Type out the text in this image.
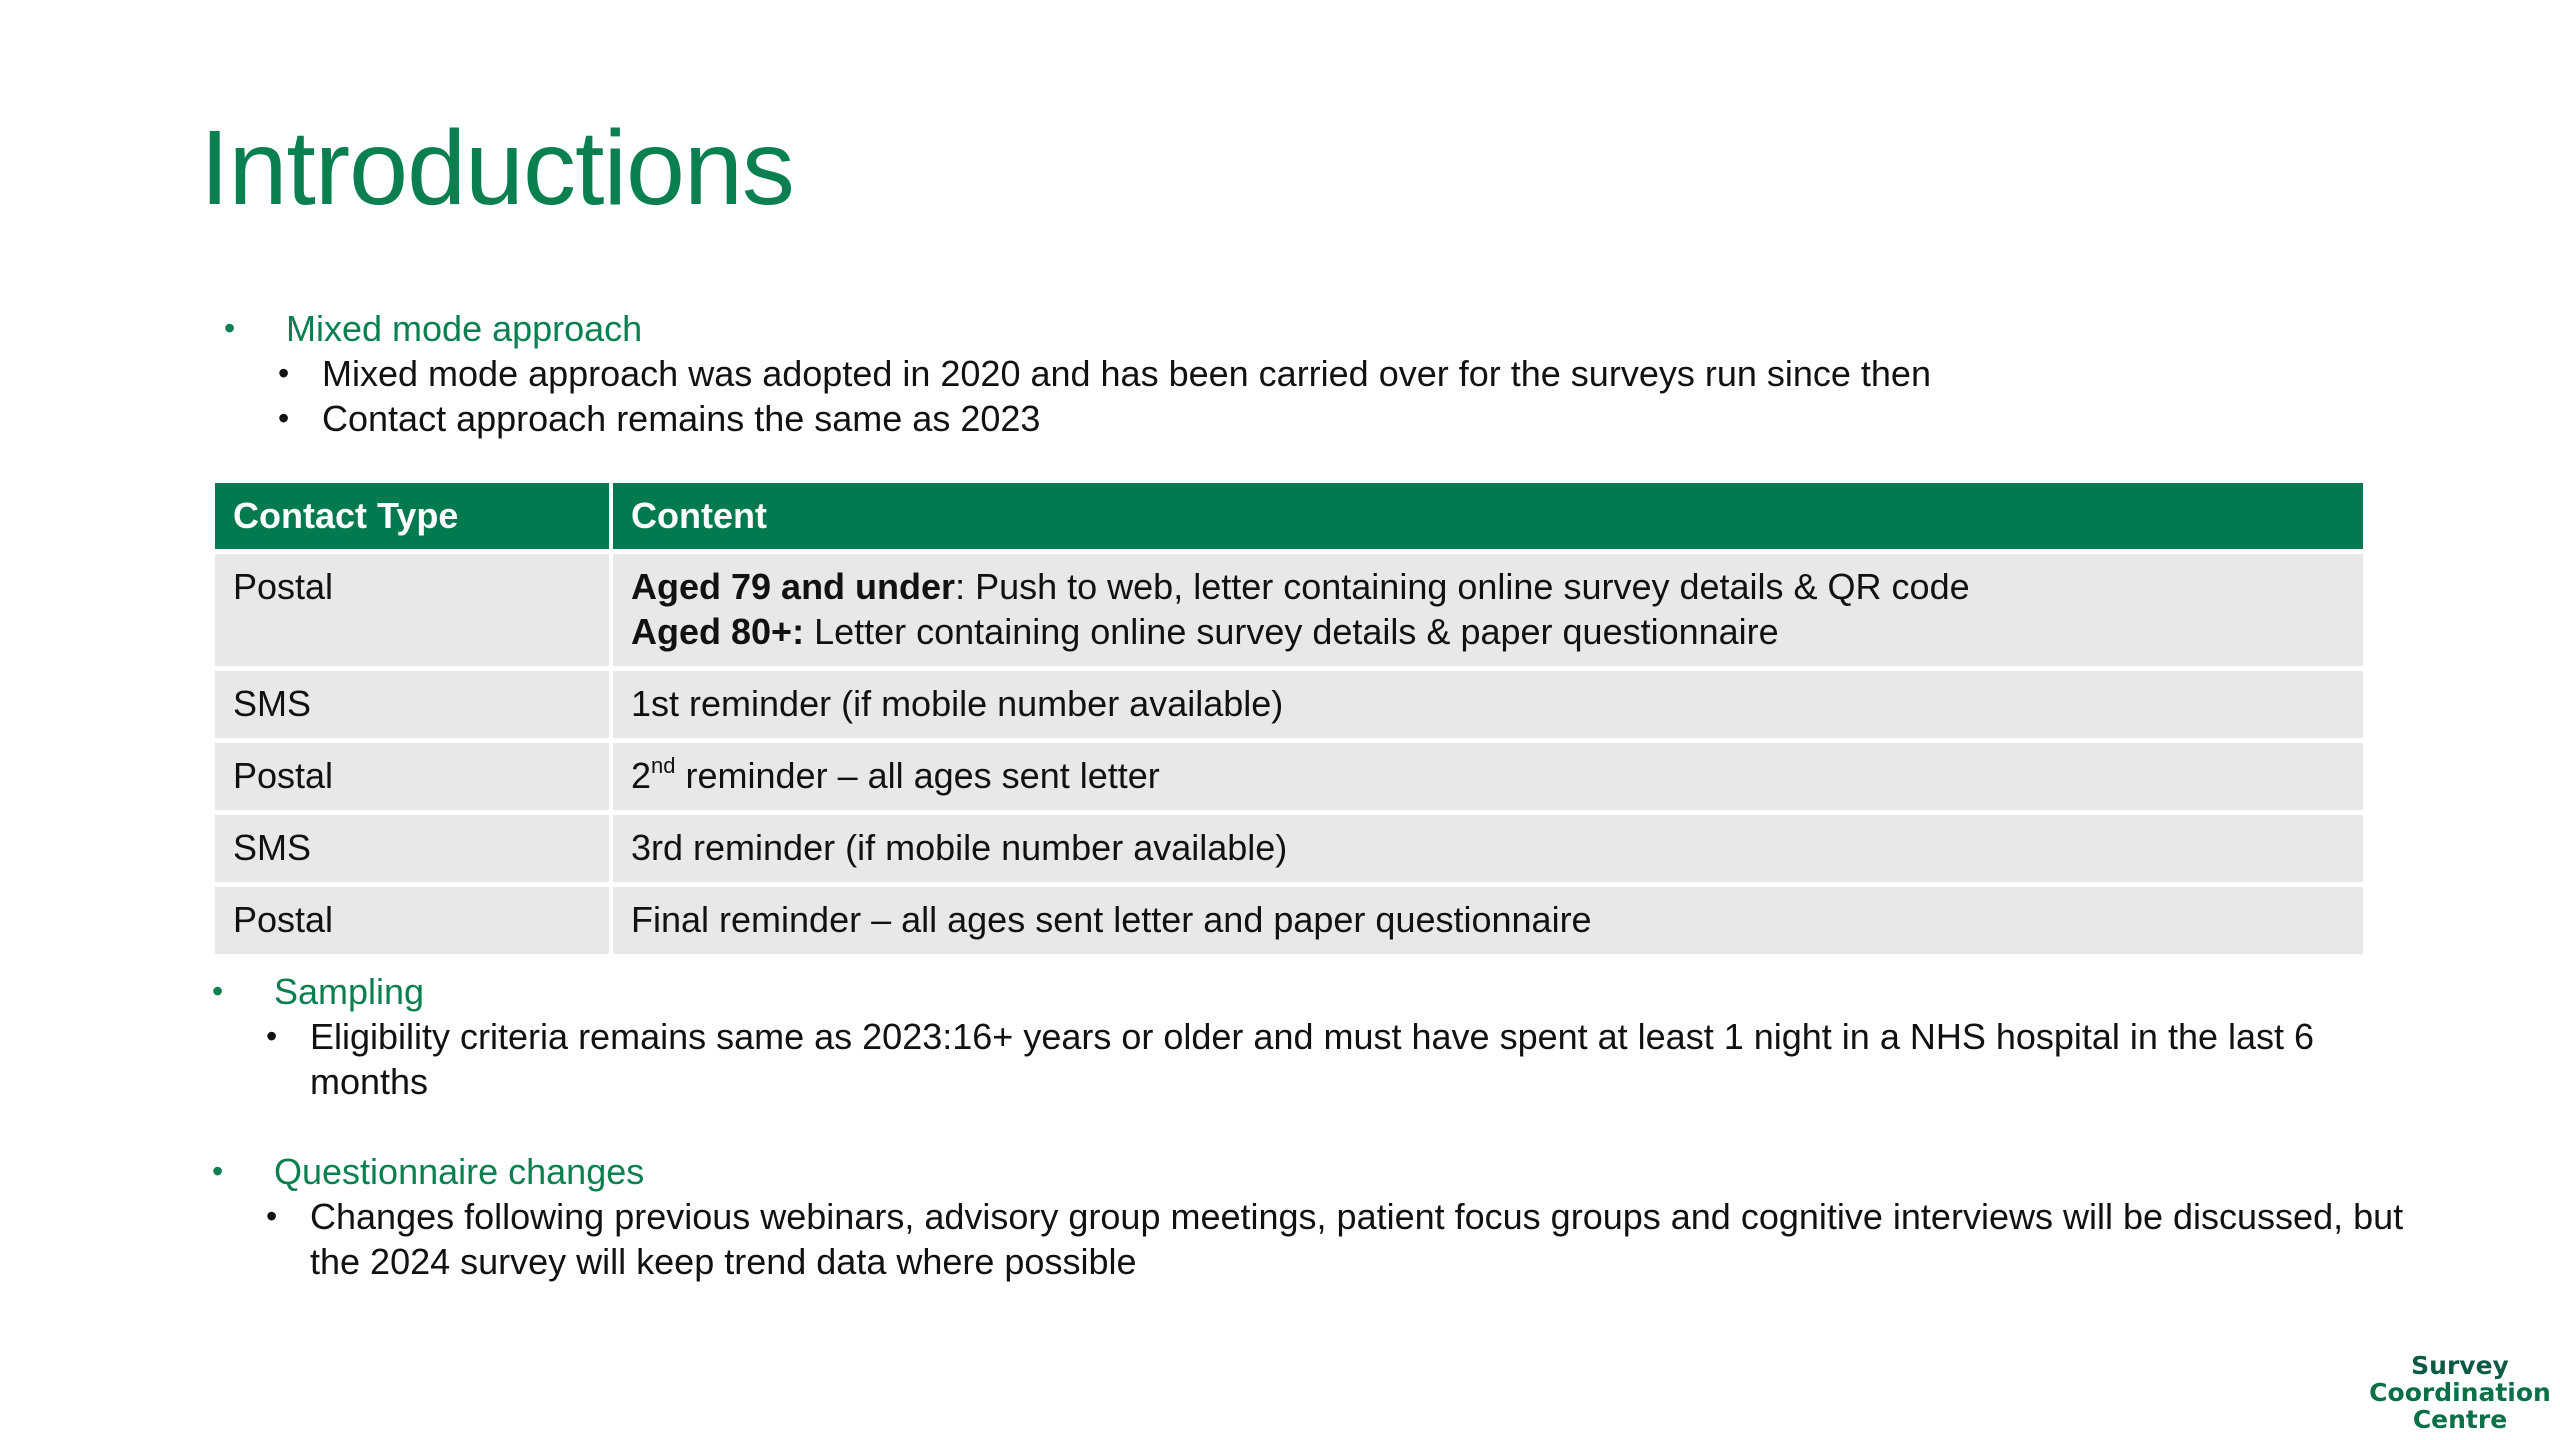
Introductions
• Mixed mode approach
• Mixed mode approach was adopted in 2020 and has been carried over for the surveys run since then
• Contact approach remains the same as 2023
Contact Type	Content
Postal	Aged 79 and under: Push to web, letter containing online survey details & QR code
Aged 80+: Letter containing online survey details & paper questionnaire

SMS	1st reminder (if mobile number available)
Postal	2nd reminder – all ages sent letter
SMS	3rd reminder (if mobile number available)
Postal	Final reminder – all ages sent letter and paper questionnaire
• Sampling
• Eligibility criteria remains same as 2023:16+ years or older and must have spent at least 1 night in a NHS hospital in the last 6 months
• Questionnaire changes
• Changes following previous webinars, advisory group meetings, patient focus groups and cognitive interviews will be discussed, but the 2024 survey will keep trend data where possible
Survey
Coordination
Centre
